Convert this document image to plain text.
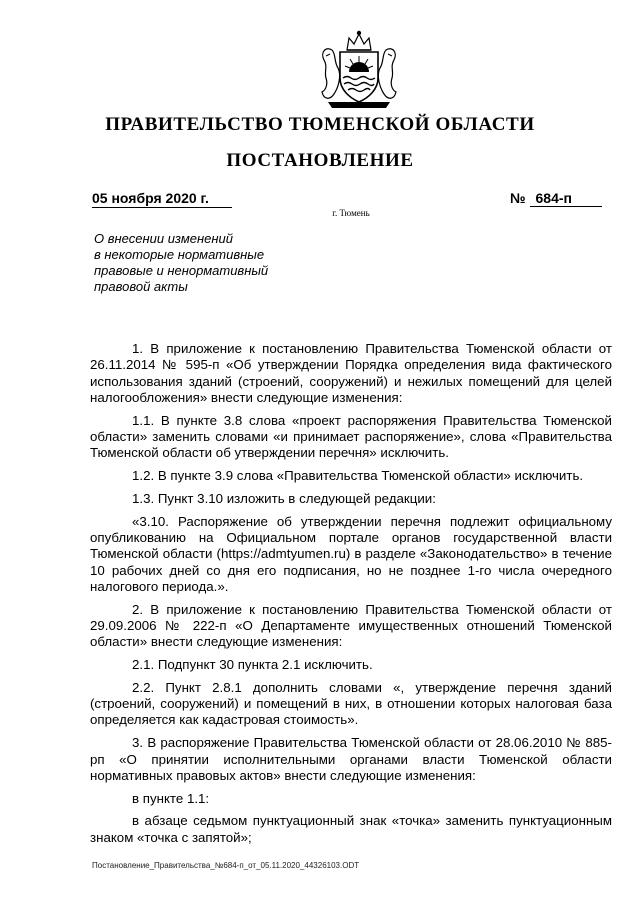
ПРАВИТЕЛЬСТВО ТЮМЕНСКОЙ ОБЛАСТИ
ПОСТАНОВЛЕНИЕ
05 ноября 2020 г.	№ 684-п
г. Тюмень
О внесении изменений
в некоторые нормативные
правовые и ненормативный
правовой акты

1. В приложение к постановлению Правительства Тюменской области от 26.11.2014 № 595-п «Об утверждении Порядка определения вида фактического использования зданий (строений, сооружений) и нежилых помещений для целей налогообложения» внести следующие изменения:

1.1. В пункте 3.8 слова «проект распоряжения Правительства Тюменской области» заменить словами «и принимает распоряжение», слова «Правительства Тюменской области об утверждении перечня» исключить.

1.2. В пункте 3.9 слова «Правительства Тюменской области» исключить.

1.3. Пункт 3.10 изложить в следующей редакции:

«3.10. Распоряжение об утверждении перечня подлежит официальному опубликованию на Официальном портале органов государственной власти Тюменской области (https://admtyumen.ru) в разделе «Законодательство» в течение 10 рабочих дней со дня его подписания, но не позднее 1-го числа очередного налогового периода.».

2. В приложение к постановлению Правительства Тюменской области от 29.09.2006 № 222-п «О Департаменте имущественных отношений Тюменской области» внести следующие изменения:

2.1. Подпункт 30 пункта 2.1 исключить.

2.2. Пункт 2.8.1 дополнить словами «, утверждение перечня зданий (строений, сооружений) и помещений в них, в отношении которых налоговая база определяется как кадастровая стоимость».

3. В распоряжение Правительства Тюменской области от 28.06.2010 № 885-рп «О принятии исполнительными органами власти Тюменской области нормативных правовых актов» внести следующие изменения:

в пункте 1.1:

в абзаце седьмом пунктуационный знак «точка» заменить пунктуационным знаком «точка с запятой»;

Постановление_Правительства_№684-п_от_05.11.2020_44326103.ODT
